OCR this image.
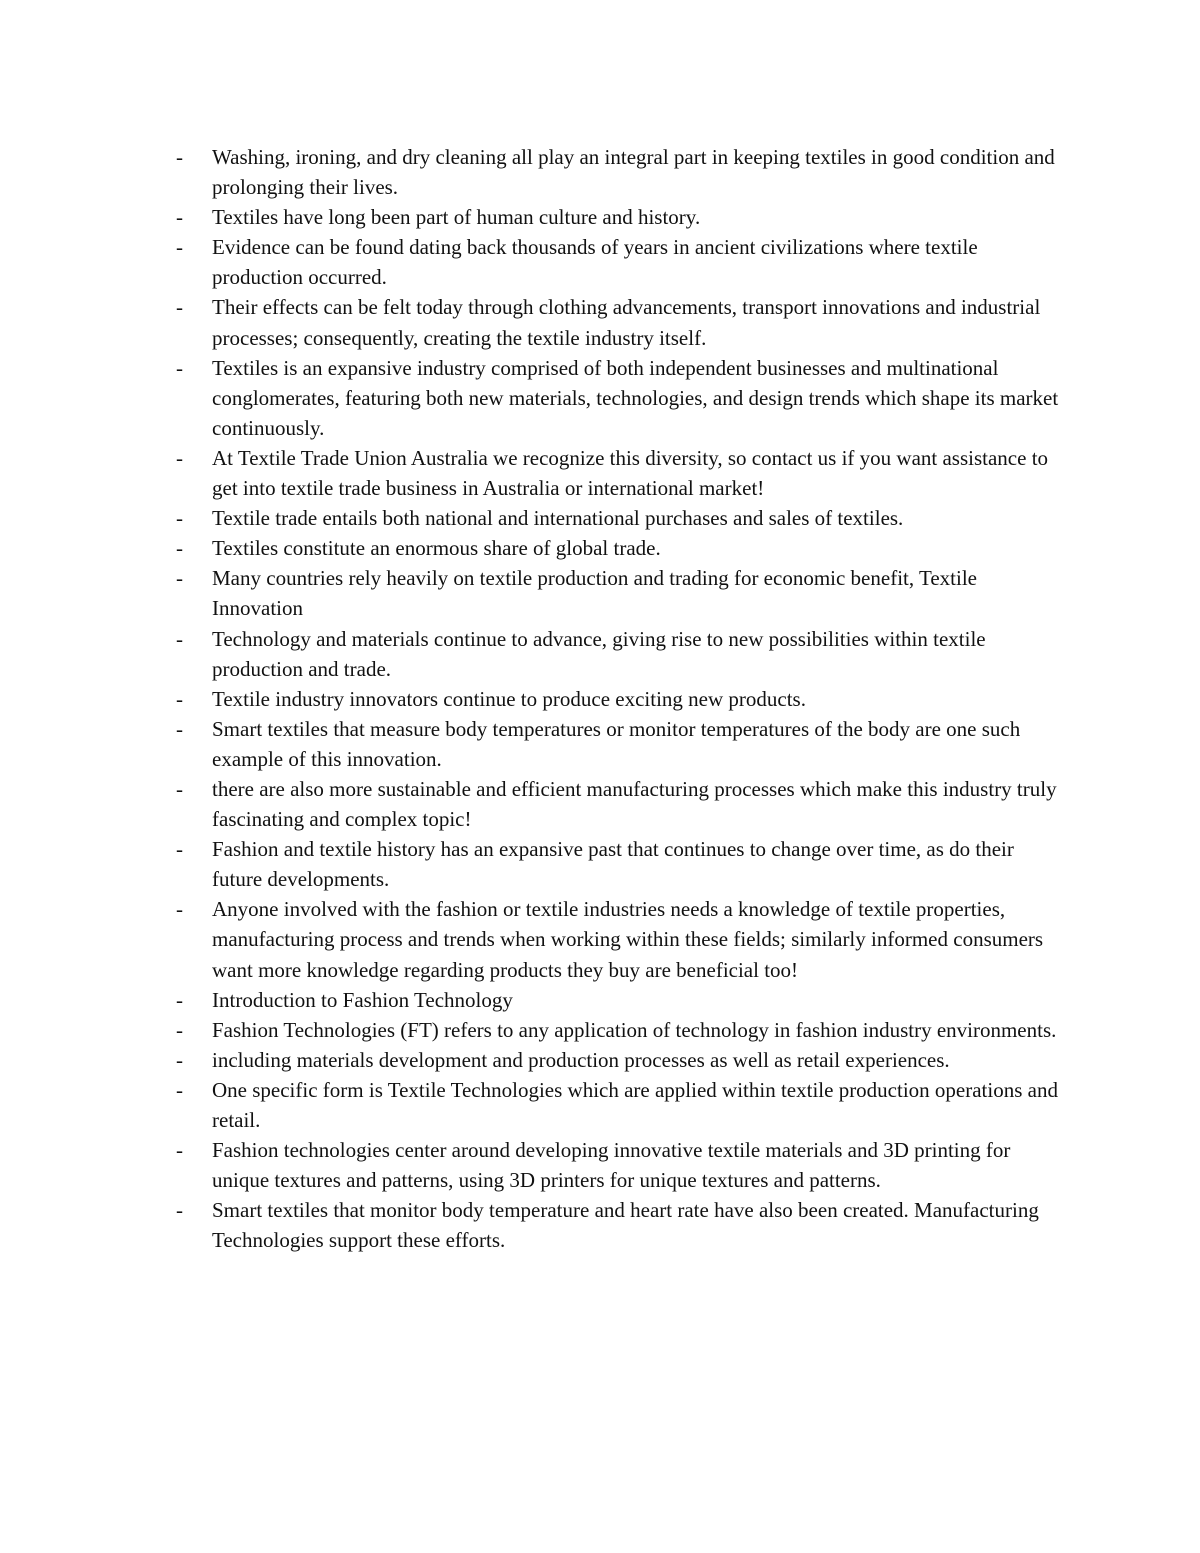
- Washing, ironing, and dry cleaning all play an integral part in keeping textiles in good condition and prolonging their lives.
- Textiles have long been part of human culture and history.
- Evidence can be found dating back thousands of years in ancient civilizations where textile production occurred.
- Their effects can be felt today through clothing advancements, transport innovations and industrial processes; consequently, creating the textile industry itself.
- Textiles is an expansive industry comprised of both independent businesses and multinational conglomerates, featuring both new materials, technologies, and design trends which shape its market continuously.
- At Textile Trade Union Australia we recognize this diversity, so contact us if you want assistance to get into textile trade business in Australia or international market!
- Textile trade entails both national and international purchases and sales of textiles.
- Textiles constitute an enormous share of global trade.
- Many countries rely heavily on textile production and trading for economic benefit, Textile Innovation
- Technology and materials continue to advance, giving rise to new possibilities within textile production and trade.
- Textile industry innovators continue to produce exciting new products.
- Smart textiles that measure body temperatures or monitor temperatures of the body are one such example of this innovation.
- there are also more sustainable and efficient manufacturing processes which make this industry truly fascinating and complex topic!
- Fashion and textile history has an expansive past that continues to change over time, as do their future developments.
- Anyone involved with the fashion or textile industries needs a knowledge of textile properties, manufacturing process and trends when working within these fields; similarly informed consumers want more knowledge regarding products they buy are beneficial too!
- Introduction to Fashion Technology
- Fashion Technologies (FT) refers to any application of technology in fashion industry environments.
- including materials development and production processes as well as retail experiences.
- One specific form is Textile Technologies which are applied within textile production operations and retail.
- Fashion technologies center around developing innovative textile materials and 3D printing for unique textures and patterns, using 3D printers for unique textures and patterns.
- Smart textiles that monitor body temperature and heart rate have also been created. Manufacturing Technologies support these efforts.
